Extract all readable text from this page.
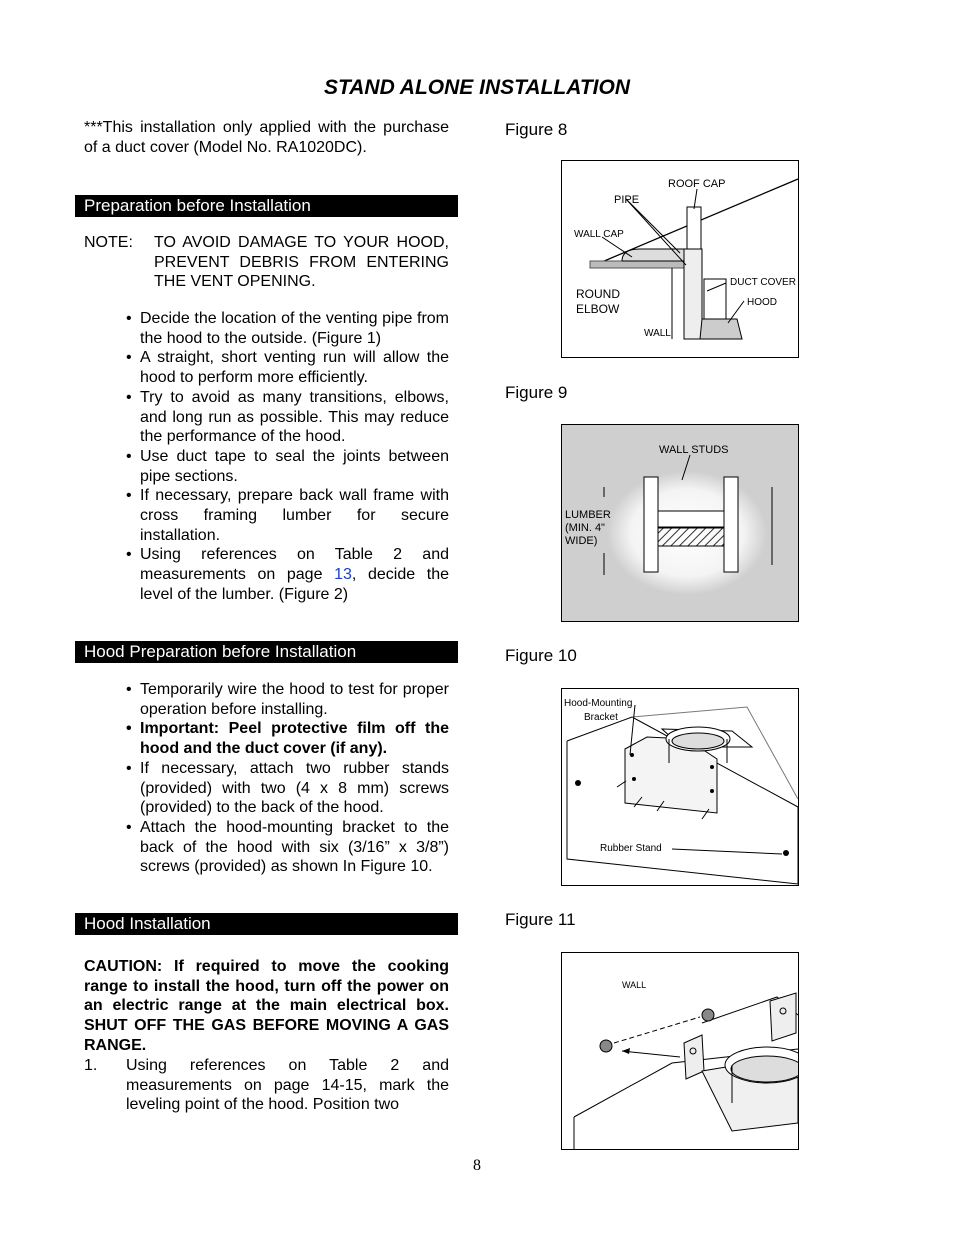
STAND ALONE INSTALLATION
***This installation only applied with the purchase of a duct cover (Model No. RA1020DC).
Preparation before Installation
NOTE: TO AVOID DAMAGE TO YOUR HOOD, PREVENT DEBRIS FROM ENTERING THE VENT OPENING.
• Decide the location of the venting pipe from the hood to the outside. (Figure 1)
• A straight, short venting run will allow the hood to perform more efficiently.
• Try to avoid as many transitions, elbows, and long run as possible. This may reduce the performance of the hood.
• Use duct tape to seal the joints between pipe sections.
• If necessary, prepare back wall frame with cross framing lumber for secure installation.
• Using references on Table 2 and measurements on page 13, decide the level of the lumber. (Figure 2)
Hood Preparation before Installation
• Temporarily wire the hood to test for proper operation before installing.
• Important: Peel protective film off the hood and the duct cover (if any).
• If necessary, attach two rubber stands (provided) with two (4 x 8 mm) screws (provided) to the back of the hood.
• Attach the hood-mounting bracket to the back of the hood with six (3/16” x 3/8”) screws (provided) as shown In Figure 10.
Hood Installation
CAUTION: If required to move the cooking range to install the hood, turn off the power on an electric range at the main electrical box. SHUT OFF THE GAS BEFORE MOVING A GAS RANGE.
1. Using references on Table 2 and measurements on page 14-15, mark the leveling point of the hood. Position two
Figure 8
ROOF CAP
PIPE
WALL CAP
DUCT COVER
ROUND
ELBOW	HOOD
WALL
Figure 9
WALL STUDS
LUMBER
(MIN. 4"
WIDE)
Figure 10
Hood-Mounting
Bracket
Rubber Stand
Figure 11
WALL
8
